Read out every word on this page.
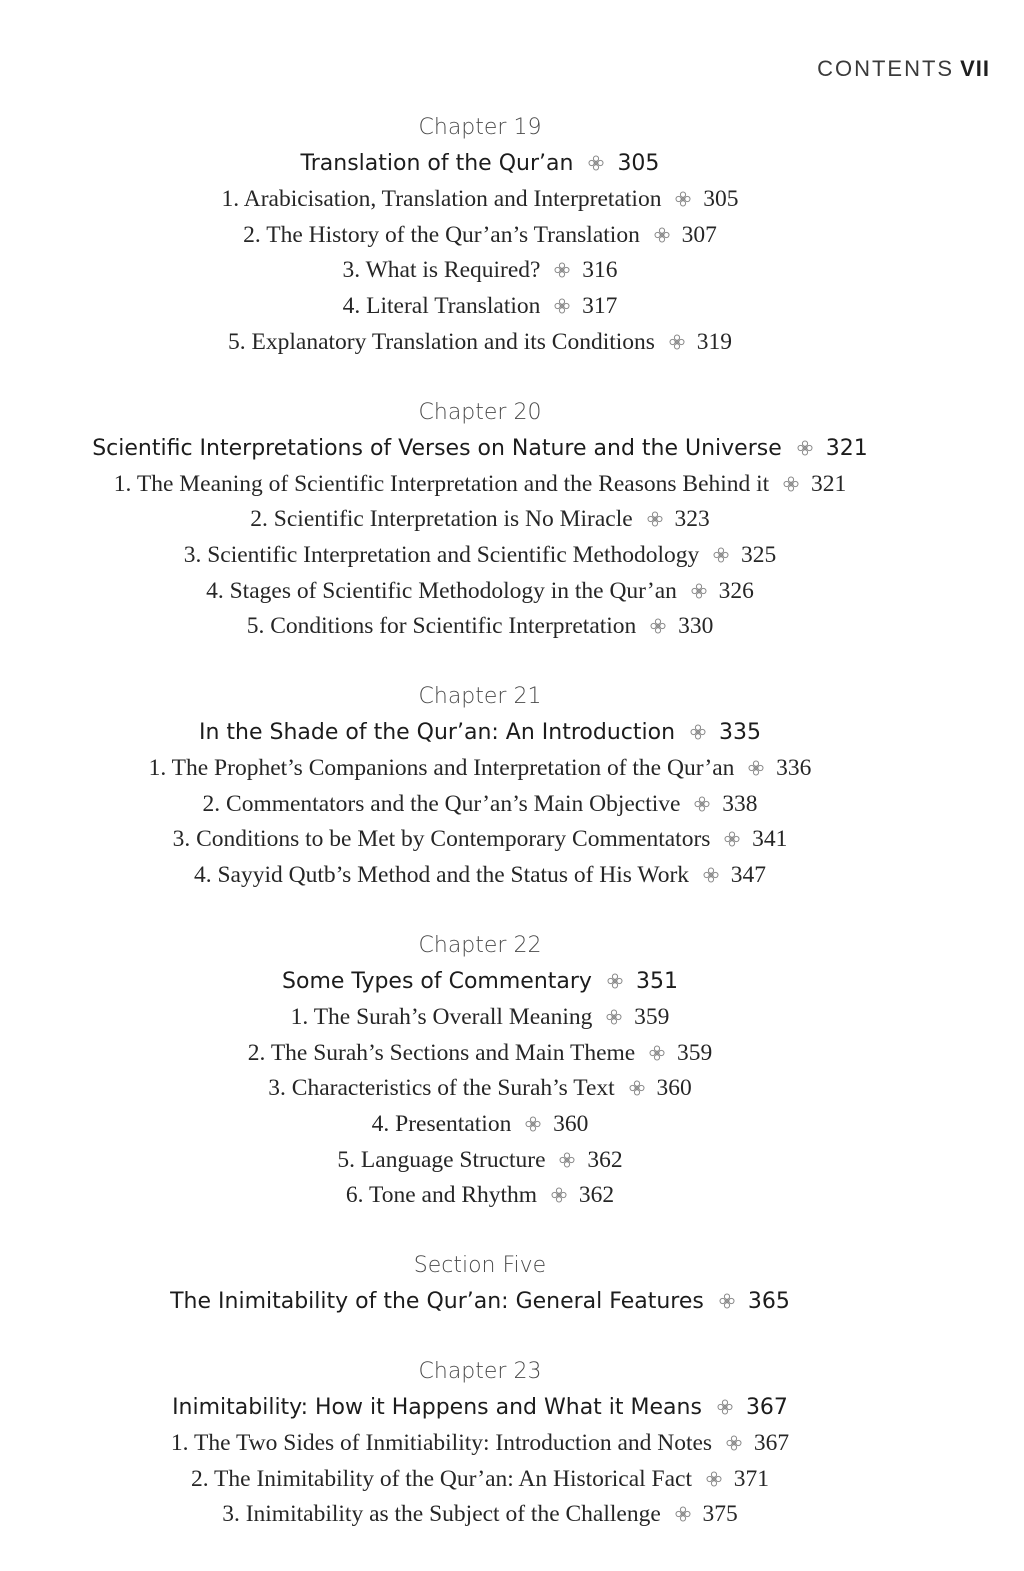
CONTENTS VII
Chapter 19
Translation of the Qur’an 305
1. Arabicisation, Translation and Interpretation 305
2. The History of the Qur’an’s Translation 307
3. What is Required? 316
4. Literal Translation 317
5. Explanatory Translation and its Conditions 319
Chapter 20
Scientific Interpretations of Verses on Nature and the Universe 321
1. The Meaning of Scientific Interpretation and the Reasons Behind it 321
2. Scientific Interpretation is No Miracle 323
3. Scientific Interpretation and Scientific Methodology 325
4. Stages of Scientific Methodology in the Qur’an 326
5. Conditions for Scientific Interpretation 330
Chapter 21
In the Shade of the Qur’an: An Introduction 335
1. The Prophet’s Companions and Interpretation of the Qur’an 336
2. Commentators and the Qur’an’s Main Objective 338
3. Conditions to be Met by Contemporary Commentators 341
4. Sayyid Qutb’s Method and the Status of His Work 347
Chapter 22
Some Types of Commentary 351
1. The Surah’s Overall Meaning 359
2. The Surah’s Sections and Main Theme 359
3. Characteristics of the Surah’s Text 360
4. Presentation 360
5. Language Structure 362
6. Tone and Rhythm 362
Section Five
The Inimitability of the Qur’an: General Features 365
Chapter 23
Inimitability: How it Happens and What it Means 367
1. The Two Sides of Inmitiability: Introduction and Notes 367
2. The Inimitability of the Qur’an: An Historical Fact 371
3. Inimitability as the Subject of the Challenge 375
